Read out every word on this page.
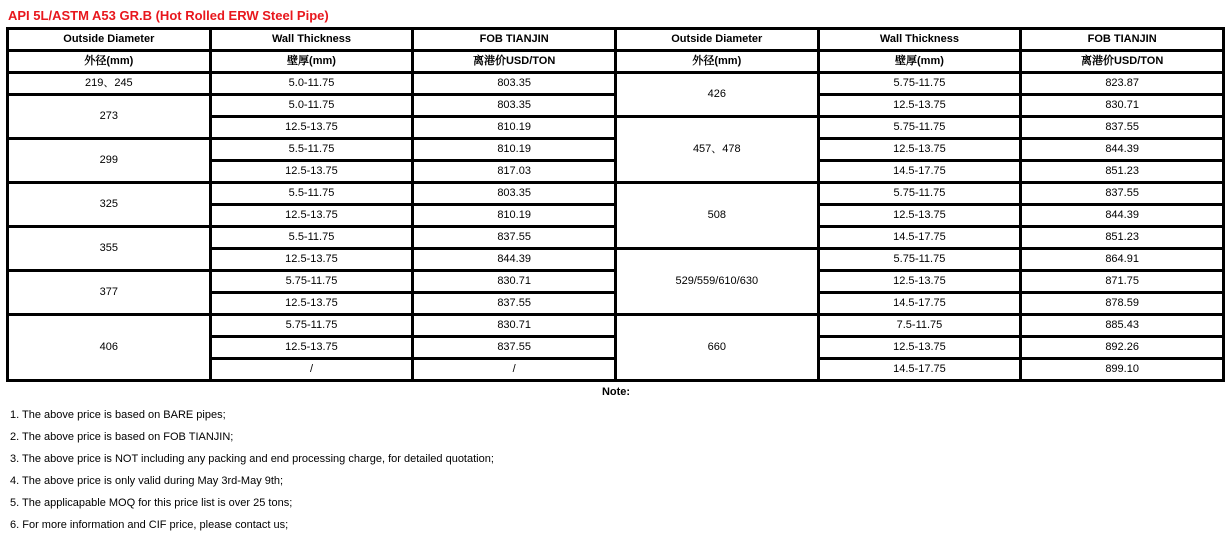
API 5L/ASTM A53 GR.B (Hot Rolled ERW Steel Pipe)
Outside Diameter	Wall Thickness	FOB TIANJIN	Outside Diameter	Wall Thickness	FOB TIANJIN
外径(mm)	壁厚(mm)	离港价USD/TON	外径(mm)	壁厚(mm)	离港价USD/TON
219、245	5.0-11.75	803.35	426	5.75-11.75	823.87
273	5.0-11.75	803.35		12.5-13.75	830.71
	12.5-13.75	810.19	457、478	5.75-11.75	837.55
299	5.5-11.75	810.19		12.5-13.75	844.39
	12.5-13.75	817.03		14.5-17.75	851.23
325	5.5-11.75	803.35	508	5.75-11.75	837.55
	12.5-13.75	810.19		12.5-13.75	844.39
355	5.5-11.75	837.55		14.5-17.75	851.23
	12.5-13.75	844.39	529/559/610/630	5.75-11.75	864.91
377	5.75-11.75	830.71		12.5-13.75	871.75
	12.5-13.75	837.55		14.5-17.75	878.59
406	5.75-11.75	830.71	660	7.5-11.75	885.43
	12.5-13.75	837.55		12.5-13.75	892.26
	/	/		14.5-17.75	899.10
Note:
1. The above price is based on BARE pipes;
2. The above price is based on FOB TIANJIN;
3. The above price is NOT including any packing and end processing charge, for detailed quotation;
4. The above price is only valid during May 3rd-May 9th;
5. The applicapable MOQ for this price list is over 25 tons;
6. For more information and CIF price, please contact us;
